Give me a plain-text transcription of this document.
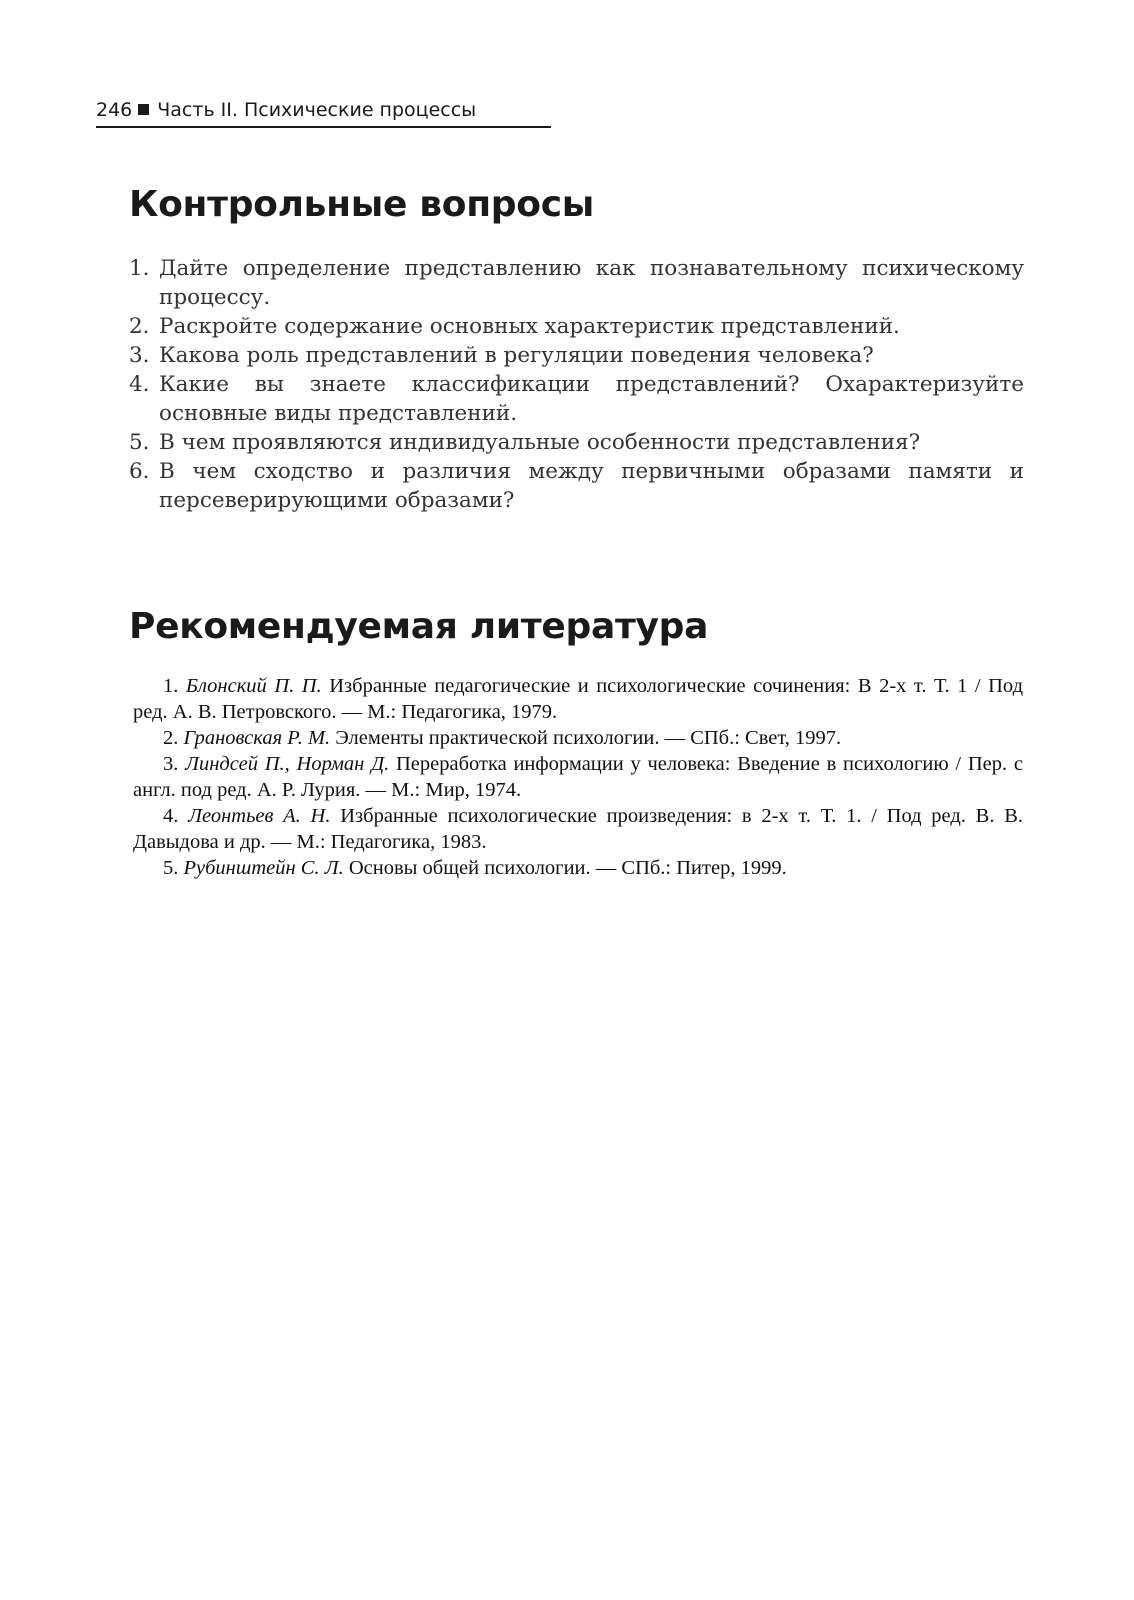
246 Часть II. Психические процессы
Контрольные вопросы
1. Дайте определение представлению как познавательному психическому процессу.
2. Раскройте содержание основных характеристик представлений.
3. Какова роль представлений в регуляции поведения человека?
4. Какие вы знаете классификации представлений? Охарактеризуйте основные виды представлений.
5. В чем проявляются индивидуальные особенности представления?
6. В чем сходство и различия между первичными образами памяти и персеверирующими образами?
Рекомендуемая литература
1. Блонский П. П. Избранные педагогические и психологические сочинения: В 2-х т. Т. 1 / Под ред. А. В. Петровского. — М.: Педагогика, 1979.
2. Грановская Р. М. Элементы практической психологии. — СПб.: Свет, 1997.
3. Линдсей П., Норман Д. Переработка информации у человека: Введение в психологию / Пер. с англ. под ред. А. Р. Лурия. — М.: Мир, 1974.
4. Леонтьев А. Н. Избранные психологические произведения: в 2-х т. Т. 1. / Под ред. В. В. Давыдова и др. — М.: Педагогика, 1983.
5. Рубинштейн С. Л. Основы общей психологии. — СПб.: Питер, 1999.
